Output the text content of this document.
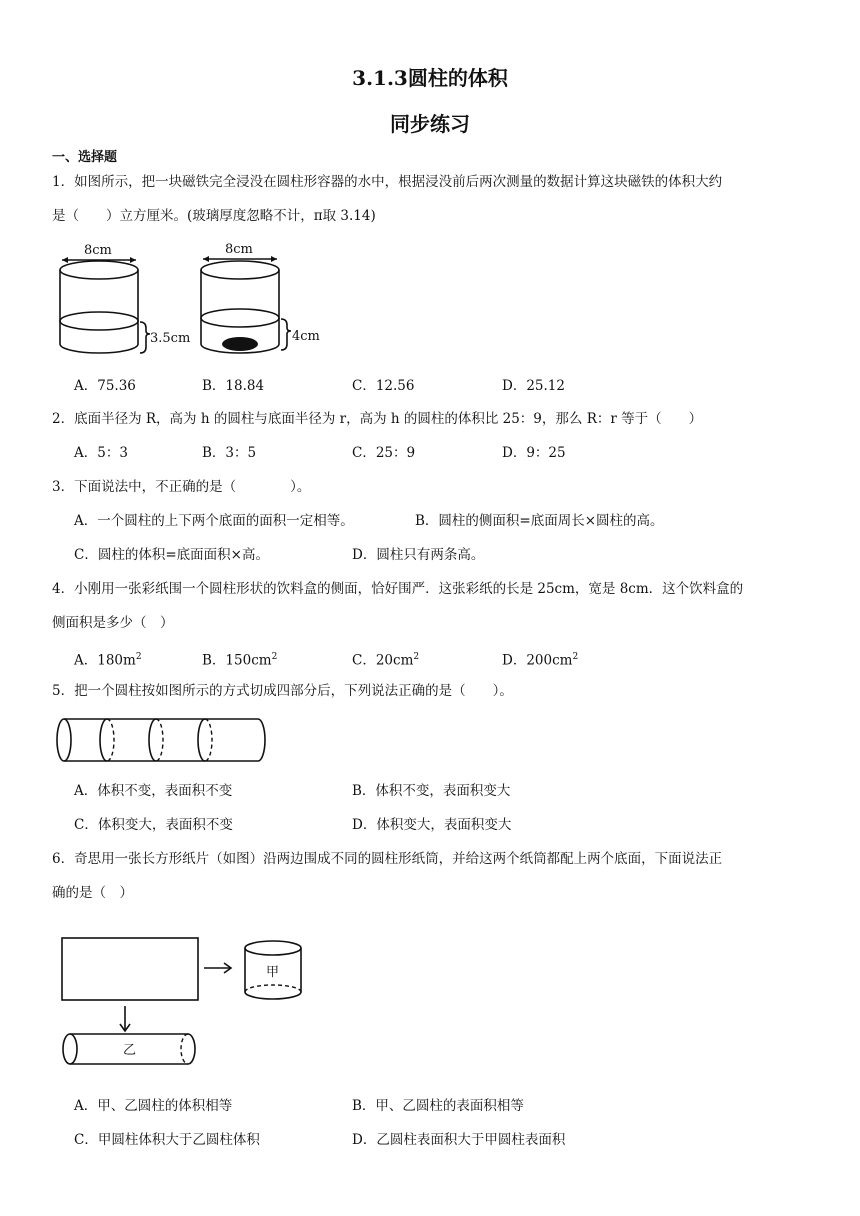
3.1.3圆柱的体积
同步练习
一、选择题
1．如图所示，把一块磁铁完全浸没在圆柱形容器的水中，根据浸没前后两次测量的数据计算这块磁铁的体积大约
是（　　）立方厘米。(玻璃厚度忽略不计，π取 3.14)
8cm	8cm
3.5cm	4cm
A．75.36	B．18.84	C．12.56	D．25.12
2．底面半径为 R，高为 h 的圆柱与底面半径为 r，高为 h 的圆柱的体积比 25：9，那么 R：r 等于（　　）
A．5：3	B．3：5	C．25：9	D．9：25
3．下面说法中，不正确的是（　　　　）。
A．一个圆柱的上下两个底面的面积一定相等。	B．圆柱的侧面积=底面周长×圆柱的高。
C．圆柱的体积=底面面积×高。	D．圆柱只有两条高。
4．小刚用一张彩纸围一个圆柱形状的饮料盒的侧面，恰好围严．这张彩纸的长是 25cm，宽是 8cm．这个饮料盒的
侧面积是多少（　）
A．$180m^2$	B．$150cm^2$	C．$20cm^2$	D．$200cm^2$
5．把一个圆柱按如图所示的方式切成四部分后，下列说法正确的是（　　）。
A．体积不变，表面积不变	B．体积不变，表面积变大
C．体积变大，表面积不变	D．体积变大，表面积变大
6．奇思用一张长方形纸片（如图）沿两边围成不同的圆柱形纸筒，并给这两个纸筒都配上两个底面，下面说法正
确的是（　）
甲
乙
A．甲、乙圆柱的体积相等	B．甲、乙圆柱的表面积相等
C．甲圆柱体积大于乙圆柱体积	D．乙圆柱表面积大于甲圆柱表面积
